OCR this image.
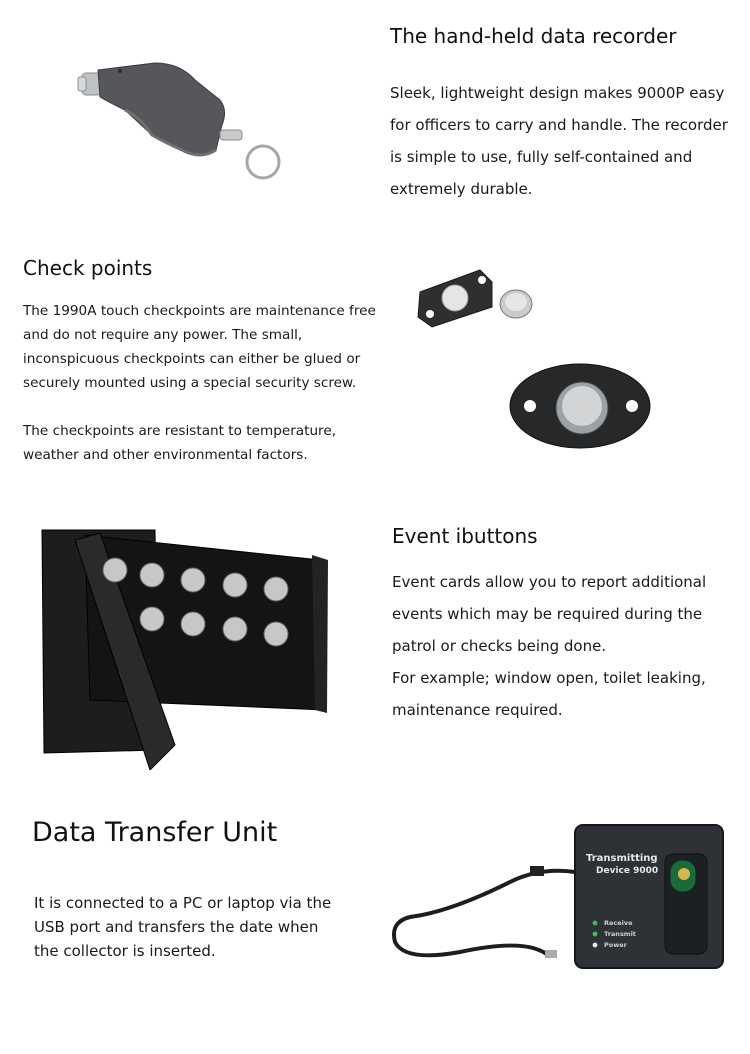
The hand-held data recorder

Sleek, lightweight design makes 9000P easy

for officers to carry and handle. The recorder

is simple to use, fully self-contained and

extremely durable.

Check points

The 1990A touch checkpoints are maintenance free

and do not require any power. The small,

inconspicuous checkpoints can either be glued or

securely mounted using a special security screw.

The checkpoints are resistant to temperature,

weather and other environmental factors.

Event ibuttons

Event cards allow you to report additional

events which may be required during the

patrol or checks being done.

For example; window open, toilet leaking,

maintenance required.

Data Transfer Unit

It is connected to a PC or laptop via the

USB port and transfers the date when

the collector is inserted.

Transmitting
Device 9000
Receive
Transmit
Power
